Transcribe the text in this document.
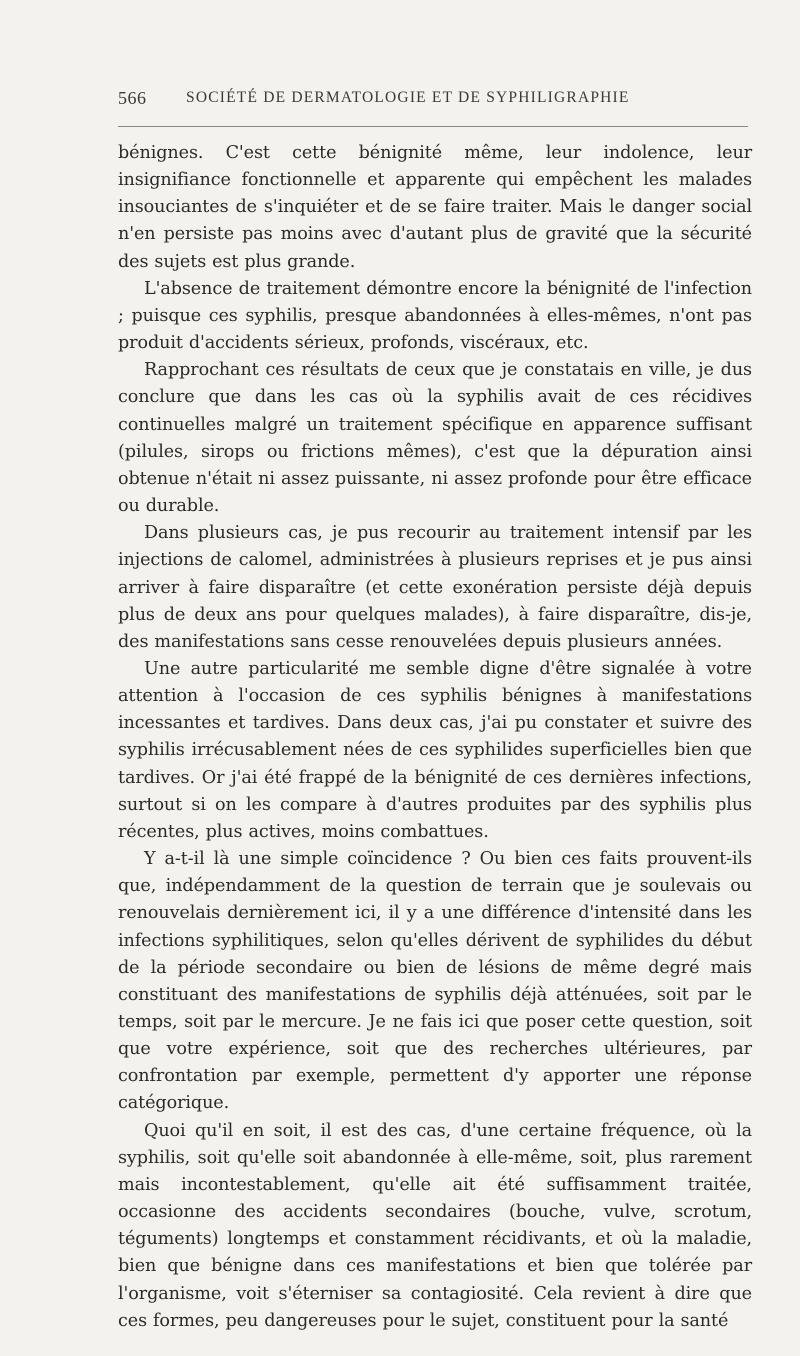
566	SOCIÉTÉ DE DERMATOLOGIE ET DE SYPHILIGRAPHIE

bénignes. C'est cette bénignité même, leur indolence, leur insignifiance fonctionnelle et apparente qui empêchent les malades insouciantes de s'inquiéter et de se faire traiter. Mais le danger social n'en persiste pas moins avec d'autant plus de gravité que la sécurité des sujets est plus grande.

L'absence de traitement démontre encore la bénignité de l'infection ; puisque ces syphilis, presque abandonnées à elles-mêmes, n'ont pas produit d'accidents sérieux, profonds, viscéraux, etc.

Rapprochant ces résultats de ceux que je constatais en ville, je dus conclure que dans les cas où la syphilis avait de ces récidives continuelles malgré un traitement spécifique en apparence suffisant (pilules, sirops ou frictions mêmes), c'est que la dépuration ainsi obtenue n'était ni assez puissante, ni assez profonde pour être efficace ou durable.

Dans plusieurs cas, je pus recourir au traitement intensif par les injections de calomel, administrées à plusieurs reprises et je pus ainsi arriver à faire disparaître (et cette exonération persiste déjà depuis plus de deux ans pour quelques malades), à faire disparaître, dis-je, des manifestations sans cesse renouvelées depuis plusieurs années.

Une autre particularité me semble digne d'être signalée à votre attention à l'occasion de ces syphilis bénignes à manifestations incessantes et tardives. Dans deux cas, j'ai pu constater et suivre des syphilis irrécusablement nées de ces syphilides superficielles bien que tardives. Or j'ai été frappé de la bénignité de ces dernières infections, surtout si on les compare à d'autres produites par des syphilis plus récentes, plus actives, moins combattues.

Y a-t-il là une simple coïncidence ? Ou bien ces faits prouvent-ils que, indépendamment de la question de terrain que je soulevais ou renouvelais dernièrement ici, il y a une différence d'intensité dans les infections syphilitiques, selon qu'elles dérivent de syphilides du début de la période secondaire ou bien de lésions de même degré mais constituant des manifestations de syphilis déjà atténuées, soit par le temps, soit par le mercure. Je ne fais ici que poser cette question, soit que votre expérience, soit que des recherches ultérieures, par confrontation par exemple, permettent d'y apporter une réponse catégorique.

Quoi qu'il en soit, il est des cas, d'une certaine fréquence, où la syphilis, soit qu'elle soit abandonnée à elle-même, soit, plus rarement mais incontestablement, qu'elle ait été suffisamment traitée, occasionne des accidents secondaires (bouche, vulve, scrotum, téguments) longtemps et constamment récidivants, et où la maladie, bien que bénigne dans ces manifestations et bien que tolérée par l'organisme, voit s'éterniser sa contagiosité. Cela revient à dire que ces formes, peu dangereuses pour le sujet, constituent pour la santé
